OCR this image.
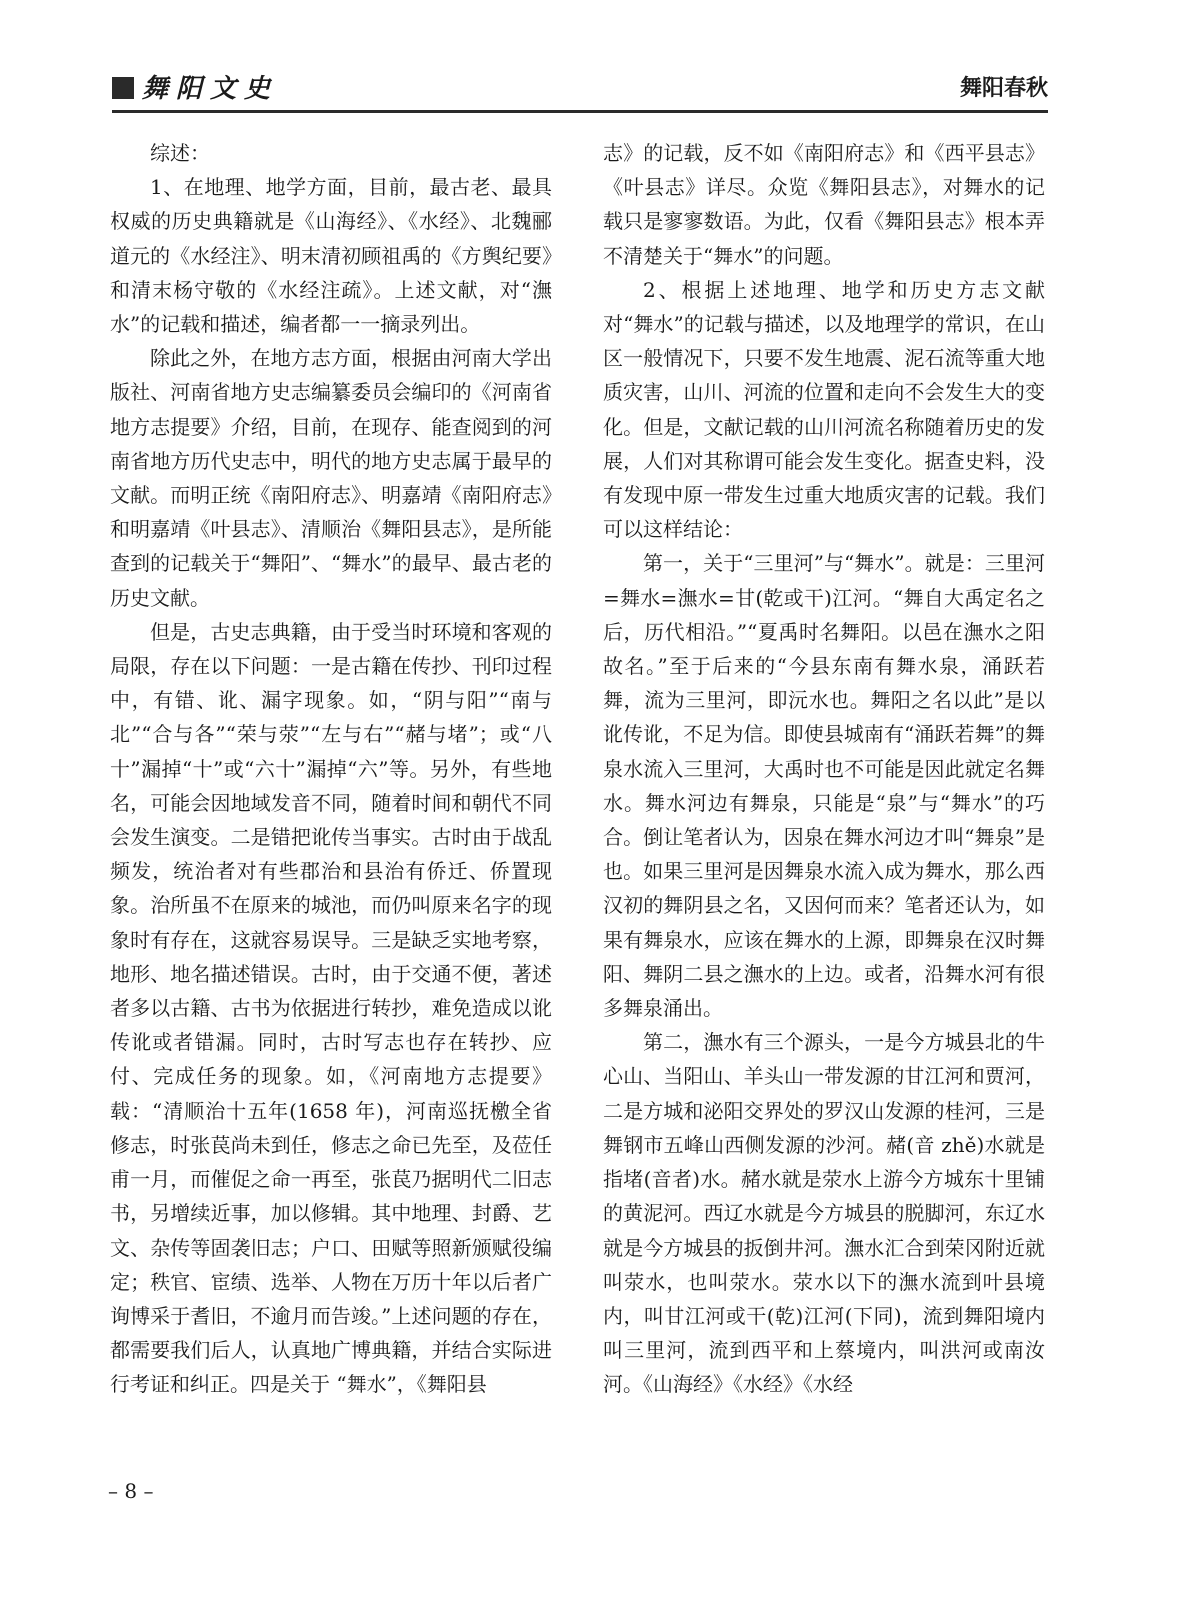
舞阳文史	舞阳春秋

综述：

1、在地理、地学方面，目前，最古老、最具权威的历史典籍就是《山海经》、《水经》、北魏郦道元的《水经注》、明末清初顾祖禹的《方舆纪要》和清末杨守敬的《水经注疏》。上述文献，对“潕水”的记载和描述，编者都一一摘录列出。

除此之外，在地方志方面，根据由河南大学出版社、河南省地方史志编纂委员会编印的《河南省地方志提要》介绍，目前，在现存、能查阅到的河南省地方历代史志中，明代的地方史志属于最早的文献。而明正统《南阳府志》、明嘉靖《南阳府志》和明嘉靖《叶县志》、清顺治《舞阳县志》，是所能查到的记载关于“舞阳”、“舞水”的最早、最古老的历史文献。

但是，古史志典籍，由于受当时环境和客观的局限，存在以下问题：一是古籍在传抄、刊印过程中，有错、讹、漏字现象。如，“阴与阳”“南与北”“合与各”“荣与荥”“左与右”“赭与堵”；或“八十”漏掉“十”或“六十”漏掉“六”等。另外，有些地名，可能会因地域发音不同，随着时间和朝代不同会发生演变。二是错把讹传当事实。古时由于战乱频发，统治者对有些郡治和县治有侨迁、侨置现象。治所虽不在原来的城池，而仍叫原来名字的现象时有存在，这就容易误导。三是缺乏实地考察，地形、地名描述错误。古时，由于交通不便，著述者多以古籍、古书为依据进行转抄，难免造成以讹传讹或者错漏。同时，古时写志也存在转抄、应付、完成任务的现象。如，《河南地方志提要》载：“清顺治十五年(1658 年)，河南巡抚檄全省修志，时张苠尚未到任，修志之命已先至，及莅任甫一月，而催促之命一再至，张苠乃据明代二旧志书，另增续近事，加以修辑。其中地理、封爵、艺文、杂传等固袭旧志；户口、田赋等照新颁赋役编定；秩官、宦绩、选举、人物在万历十年以后者广询博采于耆旧，不逾月而告竣。”上述问题的存在，都需要我们后人，认真地广博典籍，并结合实际进行考证和纠正。四是关于 “舞水”，《舞阳县

志》的记载，反不如《南阳府志》和《西平县志》《叶县志》详尽。众览《舞阳县志》，对舞水的记载只是寥寥数语。为此，仅看《舞阳县志》根本弄不清楚关于“舞水”的问题。

2、根据上述地理、地学和历史方志文献对“舞水”的记载与描述，以及地理学的常识，在山区一般情况下，只要不发生地震、泥石流等重大地质灾害，山川、河流的位置和走向不会发生大的变化。但是，文献记载的山川河流名称随着历史的发展，人们对其称谓可能会发生变化。据查史料，没有发现中原一带发生过重大地质灾害的记载。我们可以这样结论：

第一，关于“三里河”与“舞水”。就是：三里河=舞水=潕水=甘(乾或干)江河。“舞自大禹定名之后，历代相沿。”“夏禹时名舞阳。以邑在潕水之阳故名。”至于后来的“今县东南有舞水泉，涌跃若舞，流为三里河，即沅水也。舞阳之名以此”是以讹传讹，不足为信。即使县城南有“涌跃若舞”的舞泉水流入三里河，大禹时也不可能是因此就定名舞水。舞水河边有舞泉，只能是“泉”与“舞水”的巧合。倒让笔者认为，因泉在舞水河边才叫“舞泉”是也。如果三里河是因舞泉水流入成为舞水，那么西汉初的舞阴县之名，又因何而来？笔者还认为，如果有舞泉水，应该在舞水的上源，即舞泉在汉时舞阳、舞阴二县之潕水的上边。或者，沿舞水河有很多舞泉涌出。

第二，潕水有三个源头，一是今方城县北的牛心山、当阳山、羊头山一带发源的甘江河和贾河，二是方城和泌阳交界处的罗汉山发源的桂河，三是舞钢市五峰山西侧发源的沙河。赭(音 zhě)水就是指堵(音者)水。赭水就是荥水上游今方城东十里铺的黄泥河。西辽水就是今方城县的脱脚河，东辽水就是今方城县的扳倒井河。潕水汇合到荣冈附近就叫荥水，也叫荥水。荥水以下的潕水流到叶县境内，叫甘江河或干(乾)江河(下同)，流到舞阳境内叫三里河，流到西平和上蔡境内，叫洪河或南汝河。《山海经》《水经》《水经

– 8 –
